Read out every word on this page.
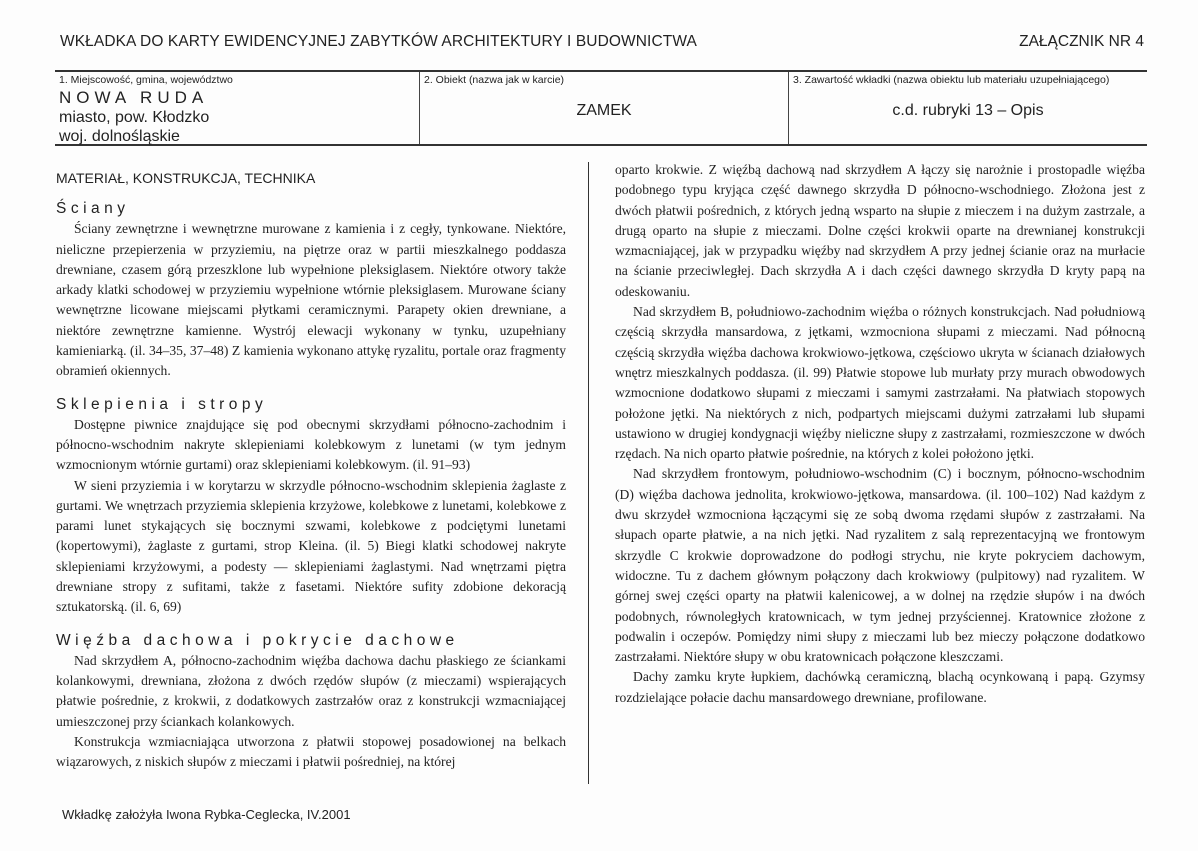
WKŁADKA DO KARTY EWIDENCYJNEJ ZABYTKÓW ARCHITEKTURY I BUDOWNICTWA	ZAŁĄCZNIK NR 4
1. Miejscowość, gmina, województwo
NOWA RUDA
miasto, pow. Kłodzko
woj. dolnośląskie
2. Obiekt (nazwa jak w karcie)
ZAMEK
3. Zawartość wkładki (nazwa obiektu lub materiału uzupełniającego)
c.d. rubryki 13 – Opis
MATERIAŁ, KONSTRUKCJA, TECHNIKA
Ściany

Ściany zewnętrzne i wewnętrzne murowane z kamienia i z cegły, tynkowane. Niektóre, nieliczne przepierzenia w przyziemiu, na piętrze oraz w partii mieszkalnego poddasza drewniane, czasem górą przeszklone lub wypełnione pleksiglasem. Niektóre otwory także arkady klatki schodowej w przyziemiu wypełnione wtórnie pleksiglasem. Murowane ściany wewnętrzne licowane miejscami płytkami ceramicznymi. Parapety okien drewniane, a niektóre zewnętrzne kamienne. Wystrój elewacji wykonany w tynku, uzupełniany kamieniarką. (il. 34–35, 37–48) Z kamienia wykonano attykę ryzalitu, portale oraz fragmenty obramień okiennych.

Sklepienia i stropy

Dostępne piwnice znajdujące się pod obecnymi skrzydłami północno-zachodnim i północno-wschodnim nakryte sklepieniami kolebkowym z lunetami (w tym jednym wzmocnionym wtórnie gurtami) oraz sklepieniami kolebkowym. (il. 91–93)

W sieni przyziemia i w korytarzu w skrzydle północno-wschodnim sklepienia żaglaste z gurtami. We wnętrzach przyziemia sklepienia krzyżowe, kolebkowe z lunetami, kolebkowe z parami lunet stykających się bocznymi szwami, kolebkowe z podciętymi lunetami (kopertowymi), żaglaste z gurtami, strop Kleina. (il. 5) Biegi klatki schodowej nakryte sklepieniami krzyżowymi, a podesty — sklepieniami żaglastymi. Nad wnętrzami piętra drewniane stropy z sufitami, także z fasetami. Niektóre sufity zdobione dekoracją sztukatorską. (il. 6, 69)

Więźba dachowa i pokrycie dachowe

Nad skrzydłem A, północno-zachodnim więźba dachowa dachu płaskiego ze ściankami kolankowymi, drewniana, złożona z dwóch rzędów słupów (z mieczami) wspierających płatwie pośrednie, z krokwii, z dodatkowych zastrzałów oraz z konstrukcji wzmacniającej umieszczonej przy ściankach kolankowych.

Konstrukcja wzmiacniająca utworzona z płatwii stopowej posadowionej na belkach wiązarowych, z niskich słupów z mieczami i płatwii pośredniej, na której

oparto krokwie. Z więźbą dachową nad skrzydłem A łączy się narożnie i prostopadle więźba podobnego typu kryjąca część dawnego skrzydła D północno-wschodniego. Złożona jest z dwóch płatwii pośrednich, z których jedną wsparto na słupie z mieczem i na dużym zastrzale, a drugą oparto na słupie z mieczami. Dolne części krokwii oparte na drewnianej konstrukcji wzmacniającej, jak w przypadku więźby nad skrzydłem A przy jednej ścianie oraz na murłacie na ścianie przeciwległej. Dach skrzydła A i dach części dawnego skrzydła D kryty papą na odeskowaniu.

Nad skrzydłem B, południowo-zachodnim więźba o różnych konstrukcjach. Nad południową częścią skrzydła mansardowa, z jętkami, wzmocniona słupami z mieczami. Nad północną częścią skrzydła więźba dachowa krokwiowo-jętkowa, częściowo ukryta w ścianach działowych wnętrz mieszkalnych poddasza. (il. 99) Płatwie stopowe lub murłaty przy murach obwodowych wzmocnione dodatkowo słupami z mieczami i samymi zastrzałami. Na płatwiach stopowych położone jętki. Na niektórych z nich, podpartych miejscami dużymi zatrzałami lub słupami ustawiono w drugiej kondygnacji więźby nieliczne słupy z zastrzałami, rozmieszczone w dwóch rzędach. Na nich oparto płatwie pośrednie, na których z kolei położono jętki.

Nad skrzydłem frontowym, południowo-wschodnim (C) i bocznym, północno-wschodnim (D) więźba dachowa jednolita, krokwiowo-jętkowa, mansardowa. (il. 100–102) Nad każdym z dwu skrzydeł wzmocniona łączącymi się ze sobą dwoma rzędami słupów z zastrzałami. Na słupach oparte płatwie, a na nich jętki. Nad ryzalitem z salą reprezentacyjną we frontowym skrzydle C krokwie doprowadzone do podłogi strychu, nie kryte pokryciem dachowym, widoczne. Tu z dachem głównym połączony dach krokwiowy (pulpitowy) nad ryzalitem. W górnej swej części oparty na płatwii kalenicowej, a w dolnej na rzędzie słupów i na dwóch podobnych, równoległych kratownicach, w tym jednej przyściennej. Kratownice złożone z podwalin i oczepów. Pomiędzy nimi słupy z mieczami lub bez mieczy połączone dodatkowo zastrzałami. Niektóre słupy w obu kratownicach połączone kleszczami.

Dachy zamku kryte łupkiem, dachówką ceramiczną, blachą ocynkowaną i papą. Gzymsy rozdzielające połacie dachu mansardowego drewniane, profilowane.

Wkładkę założyła Iwona Rybka-Ceglecka, IV.2001
